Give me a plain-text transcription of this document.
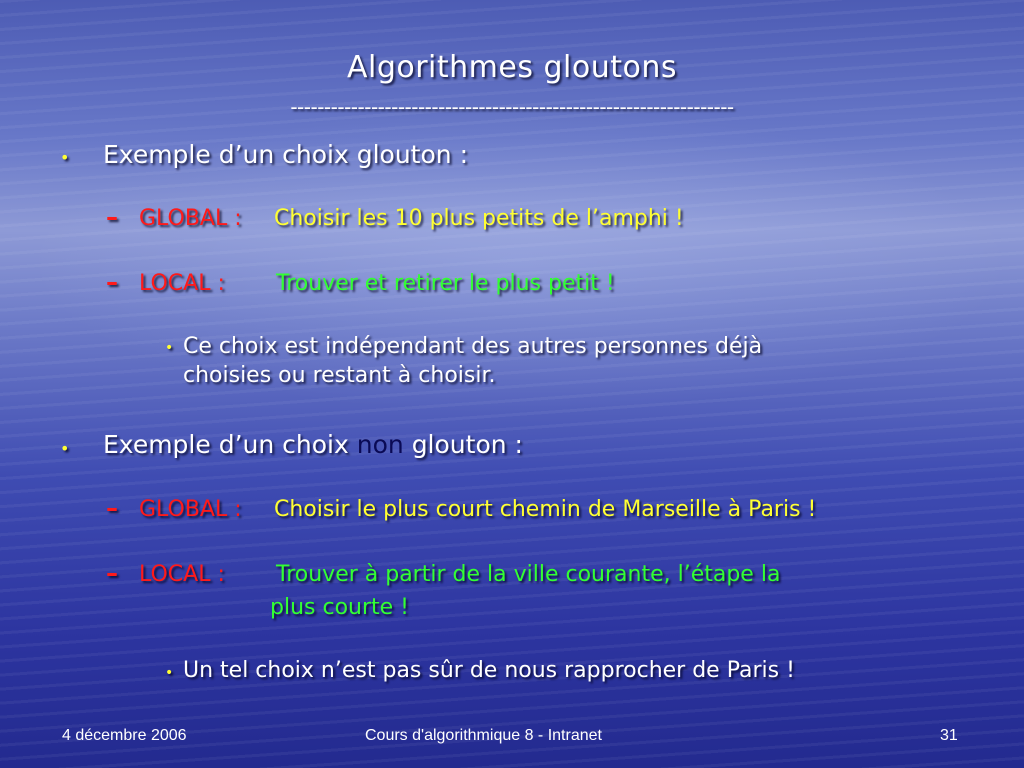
Algorithmes gloutons
------------------------------------------------------------------
• Exemple d’un choix glouton :
– GLOBAL : Choisir les 10 plus petits de l’amphi !
– LOCAL : Trouver et retirer le plus petit !
• Ce choix est indépendant des autres personnes déjà
choisies ou restant à choisir.
• Exemple d’un choix non glouton :
– GLOBAL : Choisir le plus court chemin de Marseille à Paris !
– LOCAL : Trouver à partir de la ville courante, l’étape la
plus courte !
• Un tel choix n’est pas sûr de nous rapprocher de Paris !
4 décembre 2006	Cours d'algorithmique 8 - Intranet	31
